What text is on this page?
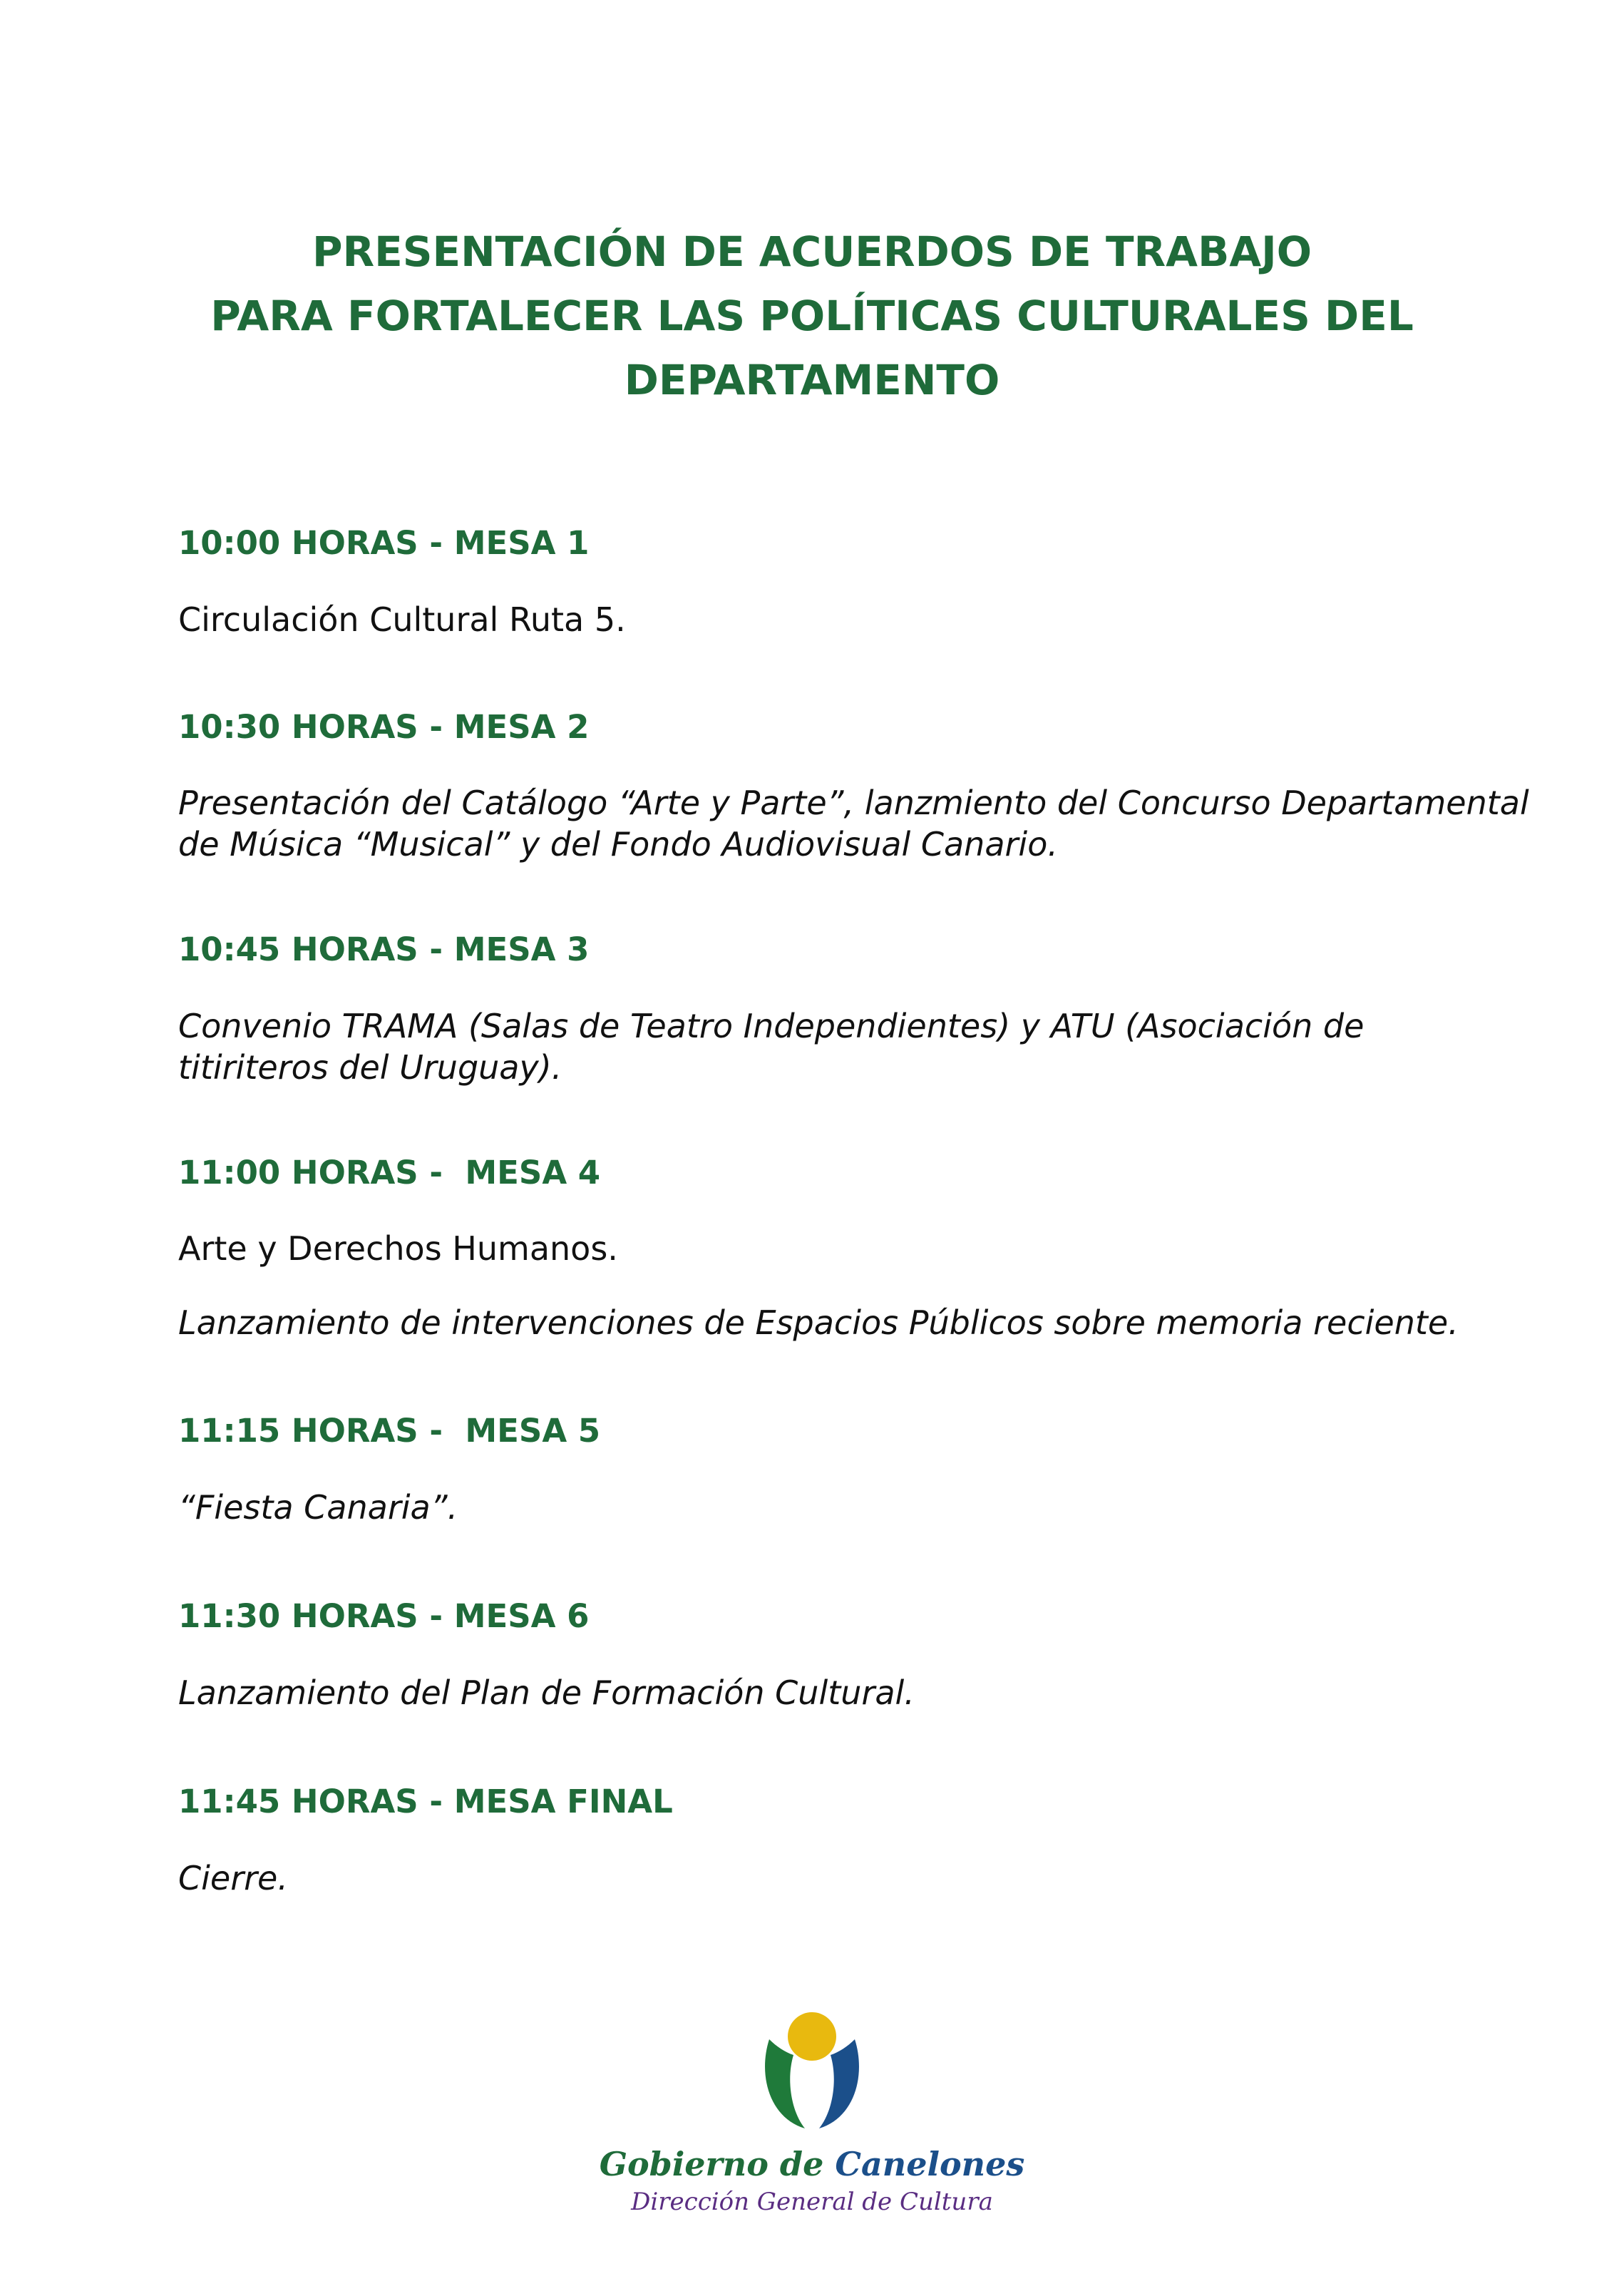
PRESENTACIÓN DE ACUERDOS DE TRABAJO
PARA FORTALECER LAS POLÍTICAS CULTURALES DEL
DEPARTAMENTO
10:00 HORAS - MESA 1
Circulación Cultural Ruta 5.
10:30 HORAS - MESA 2
Presentación del Catálogo “Arte y Parte”, lanzmiento del Concurso Departamental
de Música “Musical” y del Fondo Audiovisual Canario.
10:45 HORAS - MESA 3
Convenio TRAMA (Salas de Teatro Independientes) y ATU (Asociación de
titiriteros del Uruguay).
11:00 HORAS -  MESA 4
Arte y Derechos Humanos.
Lanzamiento de intervenciones de Espacios Públicos sobre memoria reciente.
11:15 HORAS -  MESA 5
“Fiesta Canaria”.
11:30 HORAS - MESA 6
Lanzamiento del Plan de Formación Cultural.
11:45 HORAS - MESA FINAL
Cierre.
Gobierno de Canelones
Dirección General de Cultura
